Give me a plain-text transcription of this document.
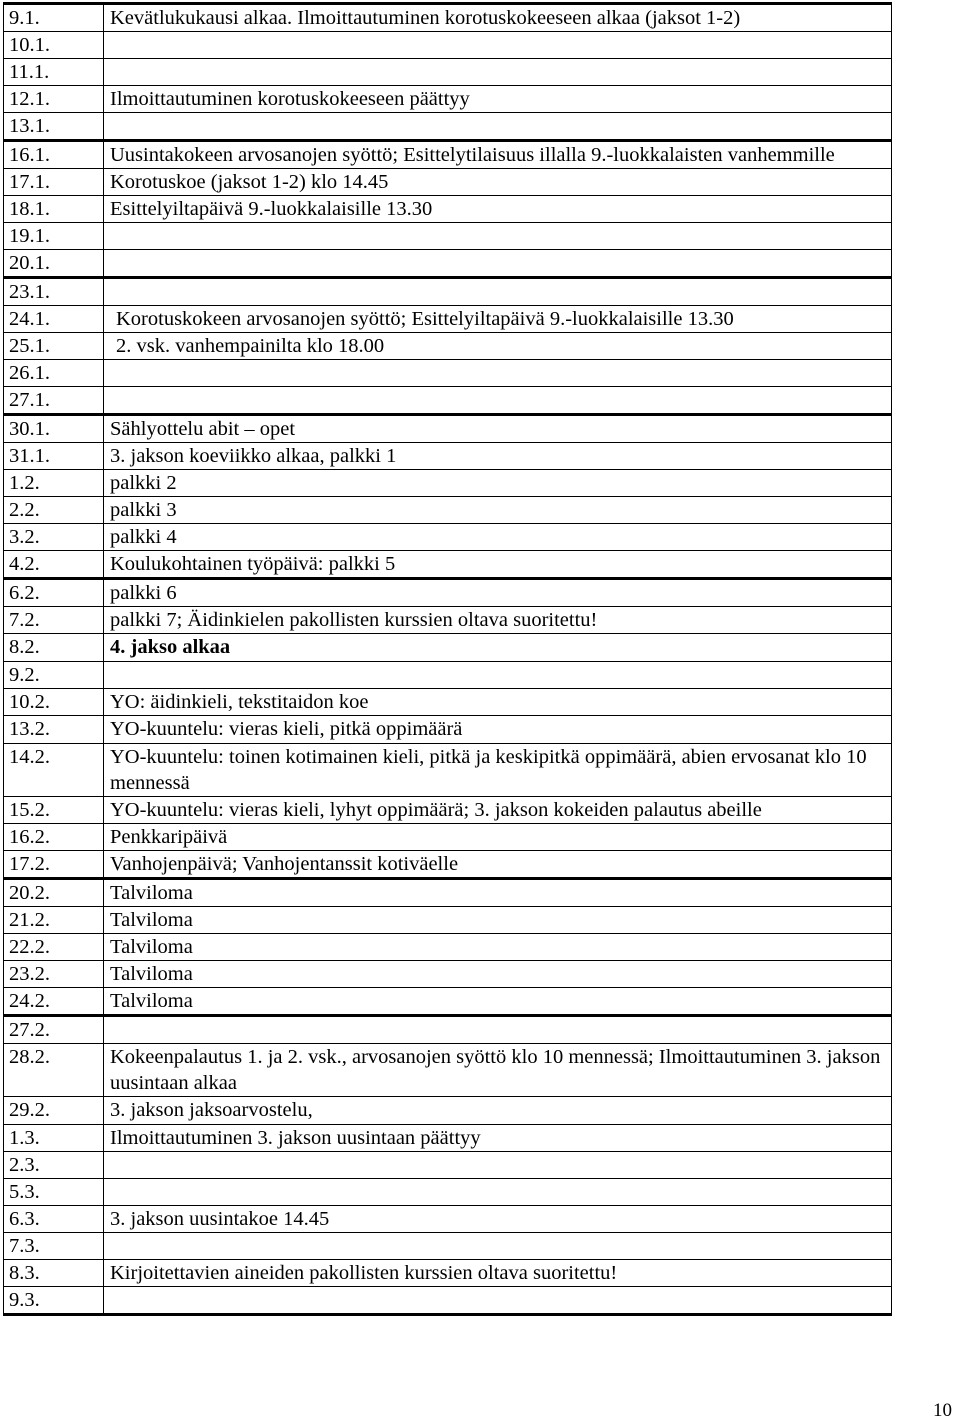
9.1.	Kevätlukukausi alkaa. Ilmoittautuminen korotuskokeeseen alkaa (jaksot 1-2)
10.1.	
11.1.	
12.1.	Ilmoittautuminen korotuskokeeseen päättyy
13.1.	
16.1.	Uusintakokeen arvosanojen syöttö; Esittelytilaisuus illalla 9.-luokkalaisten vanhemmille
17.1.	Korotuskoe (jaksot 1-2) klo 14.45
18.1.	Esittelyiltapäivä 9.-luokkalaisille 13.30
19.1.	
20.1.	
23.1.	
24.1.	Korotuskokeen arvosanojen syöttö; Esittelyiltapäivä 9.-luokkalaisille 13.30
25.1.	2. vsk. vanhempainilta klo 18.00
26.1.	
27.1.	
30.1.	Sählyottelu abit – opet
31.1.	3. jakson koeviikko alkaa, palkki 1
1.2.	palkki 2
2.2.	palkki 3
3.2.	palkki 4
4.2.	Koulukohtainen työpäivä: palkki 5
6.2.	palkki 6
7.2.	palkki 7; Äidinkielen pakollisten kurssien oltava suoritettu!
8.2.	4. jakso alkaa
9.2.	
10.2.	YO: äidinkieli, tekstitaidon koe
13.2.	YO-kuuntelu: vieras kieli, pitkä oppimäärä
14.2.	YO-kuuntelu: toinen kotimainen kieli, pitkä ja keskipitkä oppimäärä, abien ervosanat klo 10 mennessä
15.2.	YO-kuuntelu: vieras kieli, lyhyt oppimäärä; 3. jakson kokeiden palautus abeille
16.2.	Penkkaripäivä
17.2.	Vanhojenpäivä; Vanhojentanssit kotiväelle
20.2.	Talviloma
21.2.	Talviloma
22.2.	Talviloma
23.2.	Talviloma
24.2.	Talviloma
27.2.	
28.2.	Kokeenpalautus 1. ja 2. vsk., arvosanojen syöttö klo 10 mennessä; Ilmoittautuminen 3. jakson uusintaan alkaa
29.2.	3. jakson jaksoarvostelu,
1.3.	Ilmoittautuminen 3. jakson uusintaan päättyy
2.3.	
5.3.	
6.3.	3. jakson uusintakoe 14.45
7.3.	
8.3.	Kirjoitettavien aineiden pakollisten kurssien oltava suoritettu!
9.3.	
10
